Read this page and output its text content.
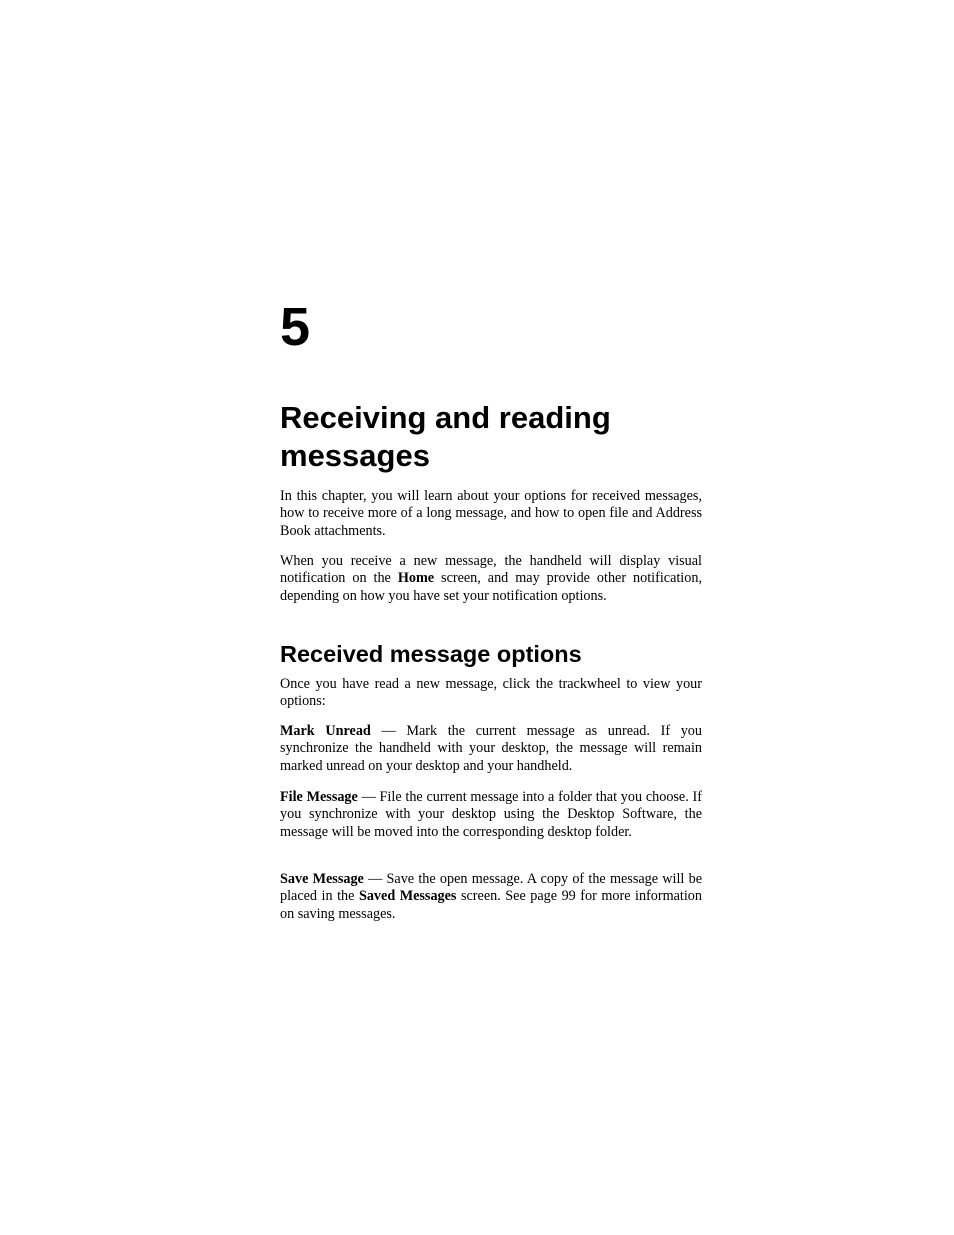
5
Receiving and reading messages

In this chapter, you will learn about your options for received messages, how to receive more of a long message, and how to open file and Address Book attachments.

When you receive a new message, the handheld will display visual notification on the Home screen, and may provide other notification, depending on how you have set your notification options.

Received message options

Once you have read a new message, click the trackwheel to view your options:

Mark Unread — Mark the current message as unread. If you synchronize the handheld with your desktop, the message will remain marked unread on your desktop and your handheld.

File Message — File the current message into a folder that you choose. If you synchronize with your desktop using the Desktop Software, the message will be moved into the corresponding desktop folder.

Save Message — Save the open message. A copy of the message will be placed in the Saved Messages screen. See page 99 for more information on saving messages.
